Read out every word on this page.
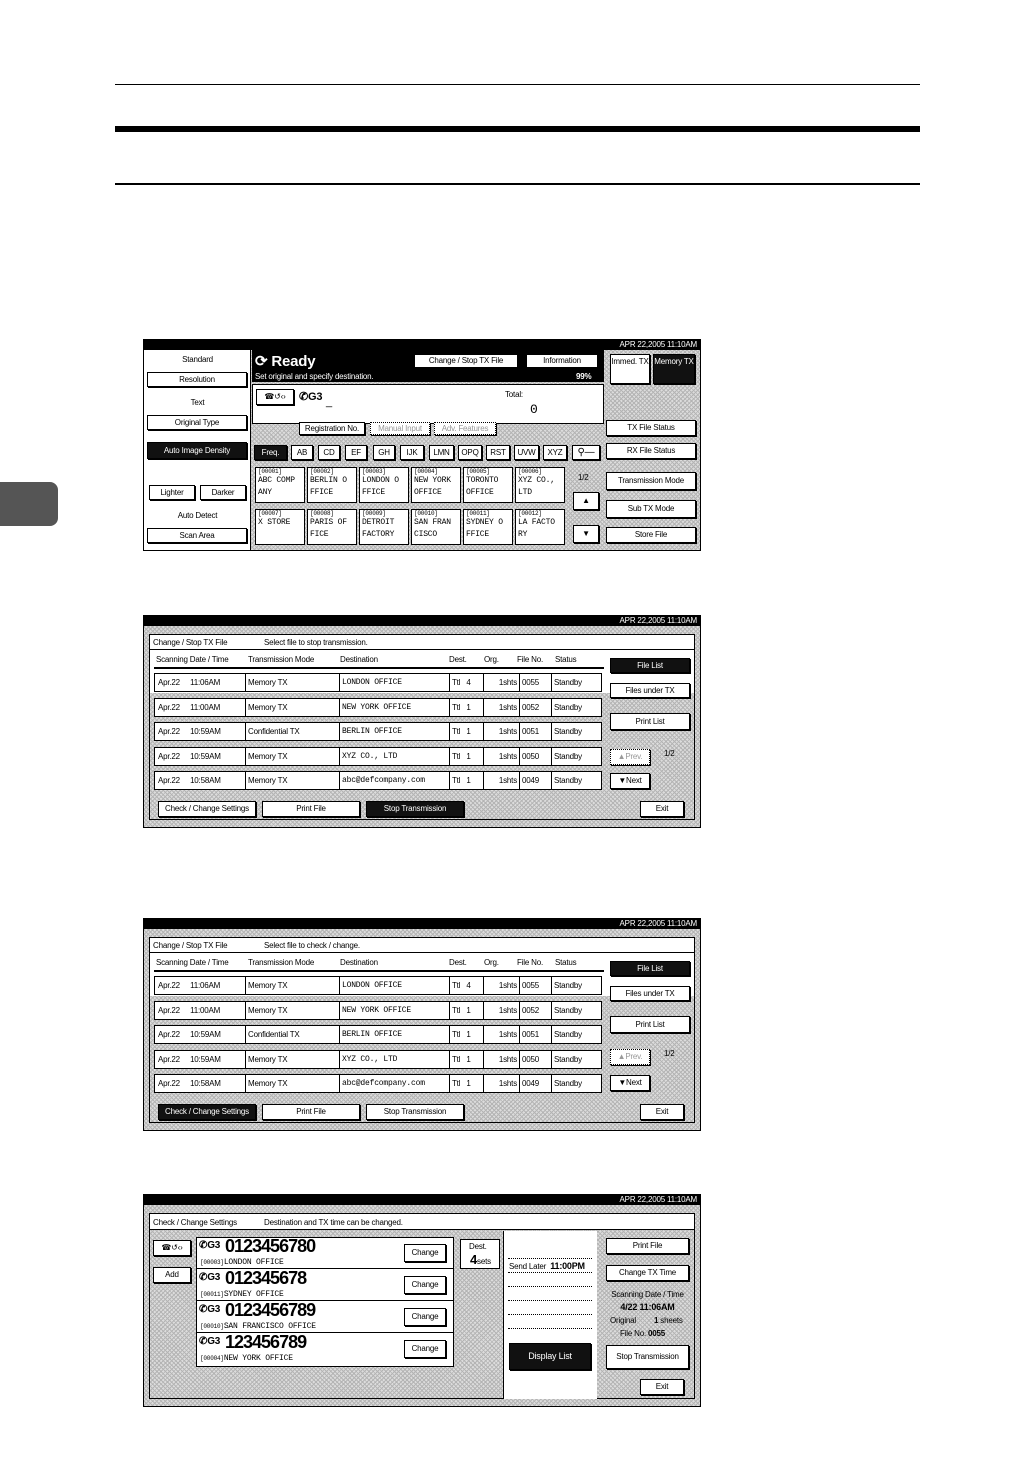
APR 22,2005 11:10AM
Standard
Resolution
Text
Original Type
Auto Image Density
Lighter	Darker
Auto Detect
Scan Area
⟳ Ready
Set original and specify destination.
Change / Stop TX File	Information
99%
Immed. TX Memory TX
☎↺‹›	✆G3 _
Total:
0
Registration No.	Manual Input	Adv. Features	TX File Status
RX File Status
Transmission Mode
Sub TX Mode
Store File
Freq.	AB	CD	EF	GH	IJK	LMN	OPQ	RST	UVW	XYZ	⚲—
[00001]
ABC COMP
ANY
[00002]
BERLIN O
FFICE
[00003]
LONDON O
FFICE
[00004]
NEW YORK
OFFICE
[00005]
TORONTO
OFFICE
[00006]
XYZ CO.,
LTD
[00007]
X STORE
[00008]
PARIS OF
FICE
[00009]
DETROIT
FACTORY
[00010]
SAN FRAN
CISCO
[00011]
SYDNEY O
FFICE
[00012]
LA FACTO
RY
1/2
▲
▼
APR 22,2005 11:10AM
Change / Stop TX File	Select file to stop transmission.
Scanning Date / Time Transmission Mode	Destination	Dest. Org. File No. Status
Apr.22 11:06AM	Memory TX	LONDON OFFICE	Ttl 4	1shts 0055	Standby
Apr.22 11:00AM	Memory TX	NEW YORK OFFICE	Ttl 1	1shts 0052	Standby
Apr.22 10:59AM	Confidential TX	BERLIN OFFICE	Ttl 1	1shts 0051	Standby
Apr.22 10:59AM	Memory TX	XYZ CO., LTD	Ttl 1	1shts 0050	Standby
Apr.22 10:58AM	Memory TX	abc@defcompany.com	Ttl 1	1shts 0049	Standby
File List
Files under TX
Print List
▲Prev.	1/2
▼Next
Check / Change Settings	Print File	Stop Transmission	Exit
APR 22,2005 11:10AM
Change / Stop TX File	Select file to check / change.
Scanning Date / Time Transmission Mode	Destination	Dest. Org. File No. Status
Apr.22 11:06AM	Memory TX	LONDON OFFICE	Ttl 4	1shts 0055	Standby
Apr.22 11:00AM	Memory TX	NEW YORK OFFICE	Ttl 1	1shts 0052	Standby
Apr.22 10:59AM	Confidential TX	BERLIN OFFICE	Ttl 1	1shts 0051	Standby
Apr.22 10:59AM	Memory TX	XYZ CO., LTD	Ttl 1	1shts 0050	Standby
Apr.22 10:58AM	Memory TX	abc@defcompany.com	Ttl 1	1shts 0049	Standby
File List
Files under TX
Print List
▲Prev.	1/2
▼Next
Check / Change Settings	Print File	Stop Transmission	Exit
APR 22,2005 11:10AM
Check / Change Settings	Destination and TX time can be changed.
☎↺‹›
Add
✆G3 0123456780
[00003]LONDON OFFICE
Change
✆G3 012345678
[00011]SYDNEY OFFICE
Change
✆G3 0123456789
[00010]SAN FRANCISCO OFFICE
Change
✆G3 123456789
[00004]NEW YORK OFFICE
Change
Dest.
4sets
Send Later 11:00PM
Display List
Print File
Change TX Time
Scanning Date / Time
4/22 11:06AM
Original 1 sheets
File No. 0055
Stop Transmission
Exit
